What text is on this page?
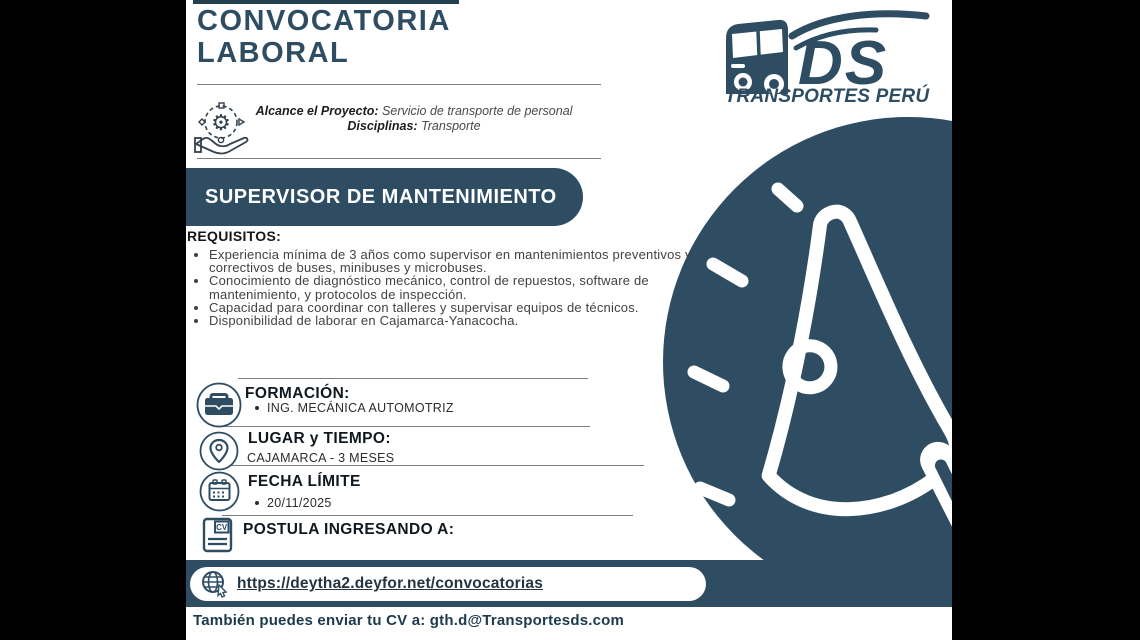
CONVOCATORIA
LABORAL
⚙	Alcance el Proyecto: Servicio de transporte de personal
Disciplinas: Transporte
SUPERVISOR DE MANTENIMIENTO
REQUISITOS:
• Experiencia mínima de 3 años como supervisor en mantenimientos preventivos y correctivos de buses, minibuses y microbuses.
• Conocimiento de diagnóstico mecánico, control de repuestos, software de mantenimiento, y protocolos de inspección.
• Capacidad para coordinar con talleres y supervisar equipos de técnicos.
• Disponibilidad de laborar en Cajamarca-Yanacocha.
FORMACIÓN:
ING. MECÁNICA AUTOMOTRIZ
LUGAR y TIEMPO:
CAJAMARCA - 3 MESES
FECHA LÍMITE
20/11/2025
CV POSTULA INGRESANDO A:
https://deytha2.deyfor.net/convocatorias
También puedes enviar tu CV a: gth.d@Transportesds.com
DS
TRANSPORTES PERÚ
